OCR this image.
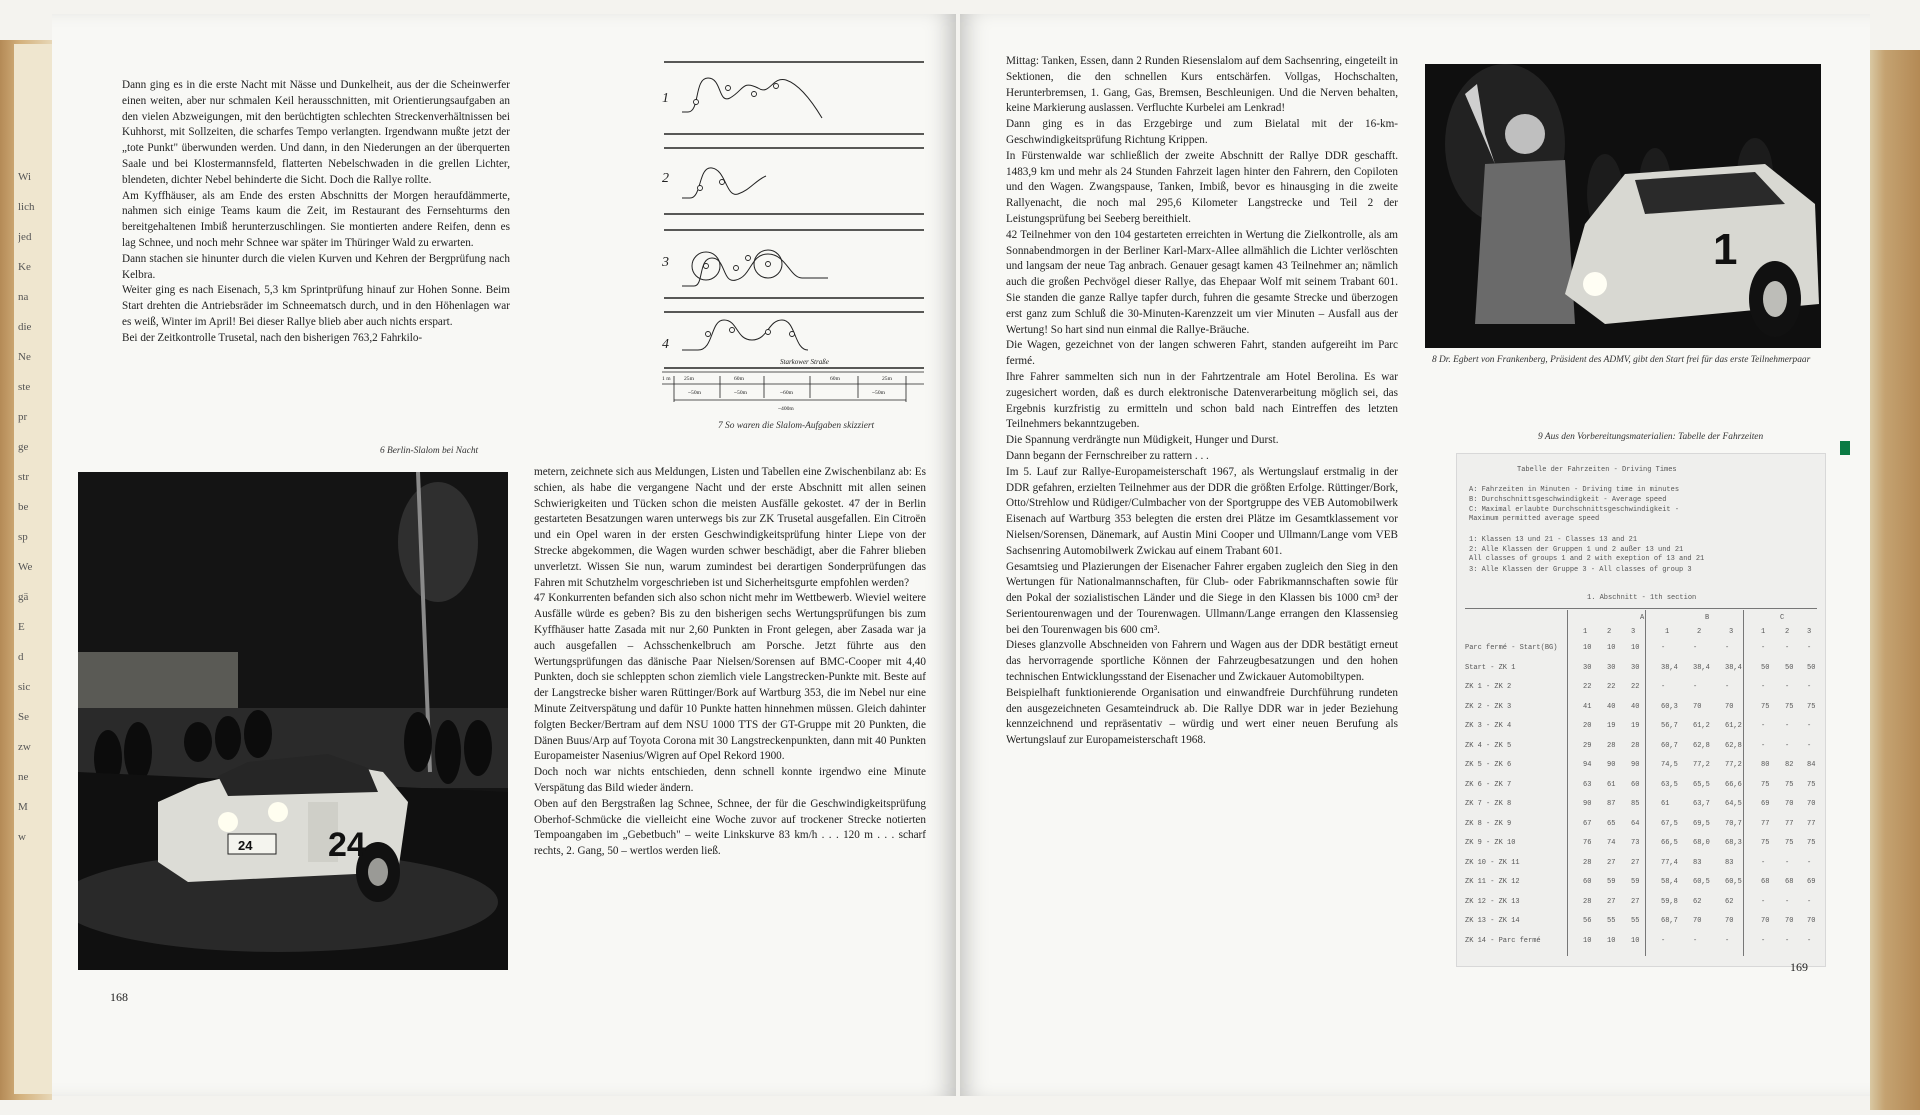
Wi
lich
jed
Ke
na
die
Ne
ste
pr
ge
str
be
sp
We
gä
E
d
sic
Se
zw
ne
M
w

Dann ging es in die erste Nacht mit Nässe und Dunkelheit, aus der die Scheinwerfer einen weiten, aber nur schmalen Keil herausschnitten, mit Orientierungsaufgaben an den vielen Abzweigungen, mit den berüchtigten schlechten Streckenverhältnissen bei Kuhhorst, mit Sollzeiten, die scharfes Tempo verlangten. Irgendwann mußte jetzt der „tote Punkt" überwunden werden. Und dann, in den Niederungen an der überquerten Saale und bei Klostermannsfeld, flatterten Nebelschwaden in die grellen Lichter, blendeten, dichter Nebel behinderte die Sicht. Doch die Rallye rollte.

Am Kyffhäuser, als am Ende des ersten Abschnitts der Morgen heraufdämmerte, nahmen sich einige Teams kaum die Zeit, im Restaurant des Fernsehturms den bereitgehaltenen Imbiß herunterzuschlingen. Sie montierten andere Reifen, denn es lag Schnee, und noch mehr Schnee war später im Thüringer Wald zu erwarten.

Dann stachen sie hinunter durch die vielen Kurven und Kehren der Bergprüfung nach Kelbra.

Weiter ging es nach Eisenach, 5,3 km Sprintprüfung hinauf zur Hohen Sonne. Beim Start drehten die Antriebsräder im Schneematsch durch, und in den Höhenlagen war es weiß, Winter im April! Bei dieser Rallye blieb aber auch nichts erspart.

Bei der Zeitkontrolle Trusetal, nach den bisherigen 763,2 Fahrkilo-

1
2
3
4
Starkower Straße
1 m 25m	60m	60m	25m
~50m	~50m	~60m	~50m
~400m
7 So waren die Slalom-Aufgaben skizziert
6 Berlin-Slalom bei Nacht
24
24

metern, zeichnete sich aus Meldungen, Listen und Tabellen eine Zwischenbilanz ab: Es schien, als habe die vergangene Nacht und der erste Abschnitt mit allen seinen Schwierigkeiten und Tücken schon die meisten Ausfälle gekostet. 47 der in Berlin gestarteten Besatzungen waren unterwegs bis zur ZK Trusetal ausgefallen. Ein Citroën und ein Opel waren in der ersten Geschwindigkeitsprüfung hinter Liepe von der Strecke abgekommen, die Wagen wurden schwer beschädigt, aber die Fahrer blieben unverletzt. Wissen Sie nun, warum zumindest bei derartigen Sonderprüfungen das Fahren mit Schutzhelm vorgeschrieben ist und Sicherheitsgurte empfohlen werden?

47 Konkurrenten befanden sich also schon nicht mehr im Wettbewerb. Wieviel weitere Ausfälle würde es geben? Bis zu den bisherigen sechs Wertungsprüfungen bis zum Kyffhäuser hatte Zasada mit nur 2,60 Punkten in Front gelegen, aber Zasada war ja auch ausgefallen – Achsschenkelbruch am Porsche. Jetzt führte aus den Wertungsprüfungen das dänische Paar Nielsen/Sorensen auf BMC-Cooper mit 4,40 Punkten, doch sie schleppten schon ziemlich viele Langstrecken-Punkte mit. Beste auf der Langstrecke bisher waren Rüttinger/Bork auf Wartburg 353, die im Nebel nur eine Minute Zeitverspätung und dafür 10 Punkte hatten hinnehmen müssen. Gleich dahinter folgten Becker/Bertram auf dem NSU 1000 TTS der GT-Gruppe mit 20 Punkten, die Dänen Buus/Arp auf Toyota Corona mit 30 Langstreckenpunkten, dann mit 40 Punkten Europameister Nasenius/Wigren auf Opel Rekord 1900.

Doch noch war nichts entschieden, denn schnell konnte irgendwo eine Minute Verspätung das Bild wieder ändern.

Oben auf den Bergstraßen lag Schnee, Schnee, der für die Geschwindigkeitsprüfung Oberhof-Schmücke die vielleicht eine Woche zuvor auf trockener Strecke notierten Tempoangaben im „Gebetbuch" – weite Linkskurve 83 km/h . . . 120 m . . . scharf rechts, 2. Gang, 50 – wertlos werden ließ.

168

Mittag: Tanken, Essen, dann 2 Runden Riesenslalom auf dem Sachsenring, eingeteilt in Sektionen, die den schnellen Kurs entschärfen. Vollgas, Hochschalten, Herunterbremsen, 1. Gang, Gas, Bremsen, Beschleunigen. Und die Nerven behalten, keine Markierung auslassen. Verfluchte Kurbelei am Lenkrad!

Dann ging es in das Erzgebirge und zum Bielatal mit der 16-km-Geschwindigkeitsprüfung Richtung Krippen.

In Fürstenwalde war schließlich der zweite Abschnitt der Rallye DDR geschafft. 1483,9 km und mehr als 24 Stunden Fahrzeit lagen hinter den Fahrern, den Copiloten und den Wagen. Zwangspause, Tanken, Imbiß, bevor es hinausging in die zweite Rallyenacht, die noch mal 295,6 Kilometer Langstrecke und Teil 2 der Leistungsprüfung bei Seeberg bereithielt.

42 Teilnehmer von den 104 gestarteten erreichten in Wertung die Zielkontrolle, als am Sonnabendmorgen in der Berliner Karl-Marx-Allee allmählich die Lichter verlöschten und langsam der neue Tag anbrach. Genauer gesagt kamen 43 Teilnehmer an; nämlich auch die großen Pechvögel dieser Rallye, das Ehepaar Wolf mit seinem Trabant 601. Sie standen die ganze Rallye tapfer durch, fuhren die gesamte Strecke und überzogen erst ganz zum Schluß die 30-Minuten-Karenzzeit um vier Minuten – Ausfall aus der Wertung! So hart sind nun einmal die Rallye-Bräuche.

Die Wagen, gezeichnet von der langen schweren Fahrt, standen aufgereiht im Parc fermé.

Ihre Fahrer sammelten sich nun in der Fahrtzentrale am Hotel Berolina. Es war zugesichert worden, daß es durch elektronische Datenverarbeitung möglich sei, das Ergebnis kurzfristig zu ermitteln und schon bald nach Eintreffen des letzten Teilnehmers bekanntzugeben.

Die Spannung verdrängte nun Müdigkeit, Hunger und Durst.

Dann begann der Fernschreiber zu rattern . . .

Im 5. Lauf zur Rallye-Europameisterschaft 1967, als Wertungslauf erstmalig in der DDR gefahren, erzielten Teilnehmer aus der DDR die größten Erfolge. Rüttinger/Bork, Otto/Strehlow und Rüdiger/Culmbacher von der Sportgruppe des VEB Automobilwerk Eisenach auf Wartburg 353 belegten die ersten drei Plätze im Gesamtklassement vor Nielsen/Sorensen, Dänemark, auf Austin Mini Cooper und Ullmann/Lange vom VEB Sachsenring Automobilwerk Zwickau auf einem Trabant 601.

Gesamtsieg und Plazierungen der Eisenacher Fahrer ergaben zugleich den Sieg in den Wertungen für Nationalmannschaften, für Club- oder Fabrikmannschaften sowie für den Pokal der sozialistischen Länder und die Siege in den Klassen bis 1000 cm³ der Serientourenwagen und der Tourenwagen. Ullmann/Lange errangen den Klassensieg bei den Tourenwagen bis 600 cm³.

Dieses glanzvolle Abschneiden von Fahrern und Wagen aus der DDR bestätigt erneut das hervorragende sportliche Können der Fahrzeugbesatzungen und den hohen technischen Entwicklungsstand der Eisenacher und Zwickauer Automobiltypen.

Beispielhaft funktionierende Organisation und einwandfreie Durchführung rundeten den ausgezeichneten Gesamteindruck ab. Die Rallye DDR war in jeder Beziehung kennzeichnend und repräsentativ – würdig und wert einer neuen Berufung als Wertungslauf zur Europameisterschaft 1968.

1
8 Dr. Egbert von Frankenberg, Präsident des ADMV, gibt den Start frei für das erste Teilnehmerpaar
9 Aus den Vorbereitungsmaterialien: Tabelle der Fahrzeiten
Tabelle der Fahrzeiten - Driving Times
A: Fahrzeiten in Minuten - Driving time in minutes
B: Durchschnittsgeschwindigkeit - Average speed
C: Maximal erlaubte Durchschnittsgeschwindigkeit -
Maximum permitted average speed
1: Klassen 13 und 21 - Classes 13 and 21
2: Alle Klassen der Gruppen 1 und 2 außer 13 und 21
All classes of groups 1 and 2 with exeption of 13 and 21
3: Alle Klassen der Gruppe 3 - All classes of group 3
1. Abschnitt - 1th section
A	B	C
1	2	3	1	2	3	1	2	3
Parc fermé - Start(BG)	10 10 10	-	-	-	-	-	-
Start - ZK 1	30 30 30	38,4 38,4 38,4	50 50 50
ZK 1 - ZK 2	22 22 22	-	-	-	-	-	-
ZK 2 - ZK 3	41 40 40	60,3 70	70	75 75 75
ZK 3 - ZK 4	20 19 19	56,7 61,2 61,2	-	-	-
ZK 4 - ZK 5	29 28 28	60,7 62,8 62,8	-	-	-
ZK 5 - ZK 6	94 90 90	74,5 77,2 77,2	80 82 84
ZK 6 - ZK 7	63 61 60	63,5 65,5 66,6	75 75 75
ZK 7 - ZK 8	90 87 85	61	63,7 64,5	69 70 70
ZK 8 - ZK 9	67 65 64	67,5 69,5 70,7	77 77 77
ZK 9 - ZK 10	76 74 73	66,5 68,0 68,3	75 75 75
ZK 10 - ZK 11	28 27 27	77,4 83	83	-	-	-
ZK 11 - ZK 12	60 59 59	58,4 60,5 60,5	68 68 69
ZK 12 - ZK 13	28 27 27	59,8 62	62	-	-	-
ZK 13 - ZK 14	56 55 55	68,7 70	70	70 70 70
ZK 14 - Parc fermé	10 10 10	-	-	-	-	-	-
169
